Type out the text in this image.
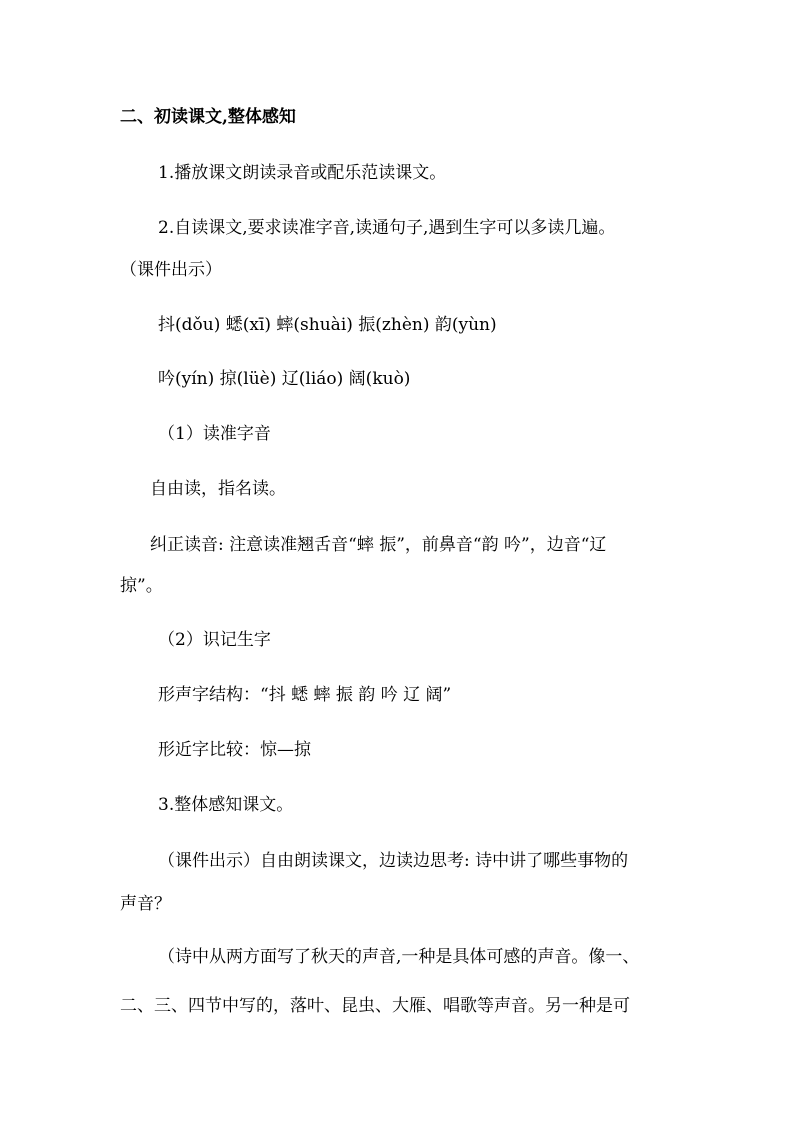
二、初读课文,整体感知
1.播放课文朗读录音或配乐范读课文。
2.自读课文,要求读准字音,读通句子,遇到生字可以多读几遍。
（课件出示）
抖(dǒu) 蟋(xī) 蟀(shuài) 振(zhèn) 韵(yùn)
吟(yín) 掠(lüè) 辽(liáo) 阔(kuò)
（1）读准字音
自由读，指名读。
纠正读音: 注意读准翘舌音“蟀 振”，前鼻音“韵 吟”，边音“辽
掠”。
（2）识记生字
形声字结构：“抖 蟋 蟀 振 韵 吟 辽 阔”
形近字比较：惊—掠
3.整体感知课文。
（课件出示）自由朗读课文，边读边思考: 诗中讲了哪些事物的
声音？
（诗中从两方面写了秋天的声音,一种是具体可感的声音。像一、
二、三、四节中写的，落叶、昆虫、大雁、唱歌等声音。另一种是可
